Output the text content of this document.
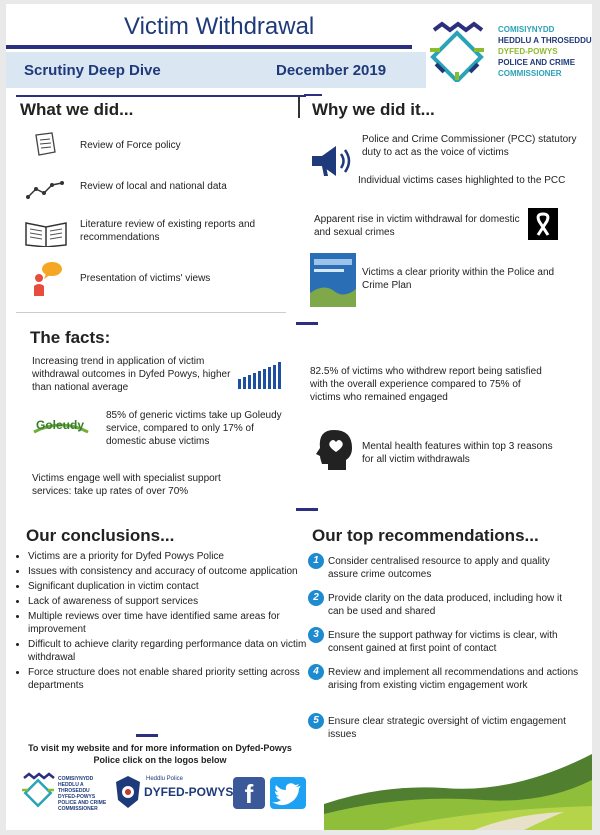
Victim Withdrawal
Scrutiny Deep Dive	December 2019
COMISIYNYDD
HEDDLU A THROSEDDU
DYFED-POWYS
POLICE AND CRIME
COMMISSIONER
What we did...
Review of Force policy
Review of local and national data
Literature review of existing reports and recommendations
Presentation of victims' views
Why we did it...
Police and Crime Commissioner (PCC) statutory duty to act as the voice of victims
Individual victims cases highlighted to the PCC
Apparent rise in victim withdrawal for domestic and sexual crimes
Victims a clear priority within the Police and Crime Plan
The facts:
Increasing trend in application of victim withdrawal outcomes in Dyfed Powys, higher than national average
Goleudy
85% of generic victims take up Goleudy service, compared to only 17% of domestic abuse victims
Victims engage well with specialist support services: take up rates of over 70%
82.5% of victims who withdrew report being satisfied with the overall experience compared to 75% of victims who remained engaged
Mental health features within top 3 reasons for all victim withdrawals
Our conclusions...
• Victims are a priority for Dyfed Powys Police
• Issues with consistency and accuracy of outcome application
• Significant duplication in victim contact
• Lack of awareness of support services
• Multiple reviews over time have identified same areas for improvement
• Difficult to achieve clarity regarding performance data on victim withdrawal
• Force structure does not enable shared priority setting across departments
Our top recommendations...
1 Consider centralised resource to apply and quality assure crime outcomes
2 Provide clarity on the data produced, including how it can be used and shared
3 Ensure the support pathway for victims is clear, with consent gained at first point of contact
4 Review and implement all recommendations and actions arising from existing victim engagement work
5 Ensure clear strategic oversight of victim engagement issues
To visit my website and for more information on Dyfed-Powys Police click on the logos below
COMISIYNYDD HEDDLU A THROSEDDU DYFED-POWYS POLICE AND CRIME COMMISSIONER
Heddlu Police
DYFED-POWYS f
